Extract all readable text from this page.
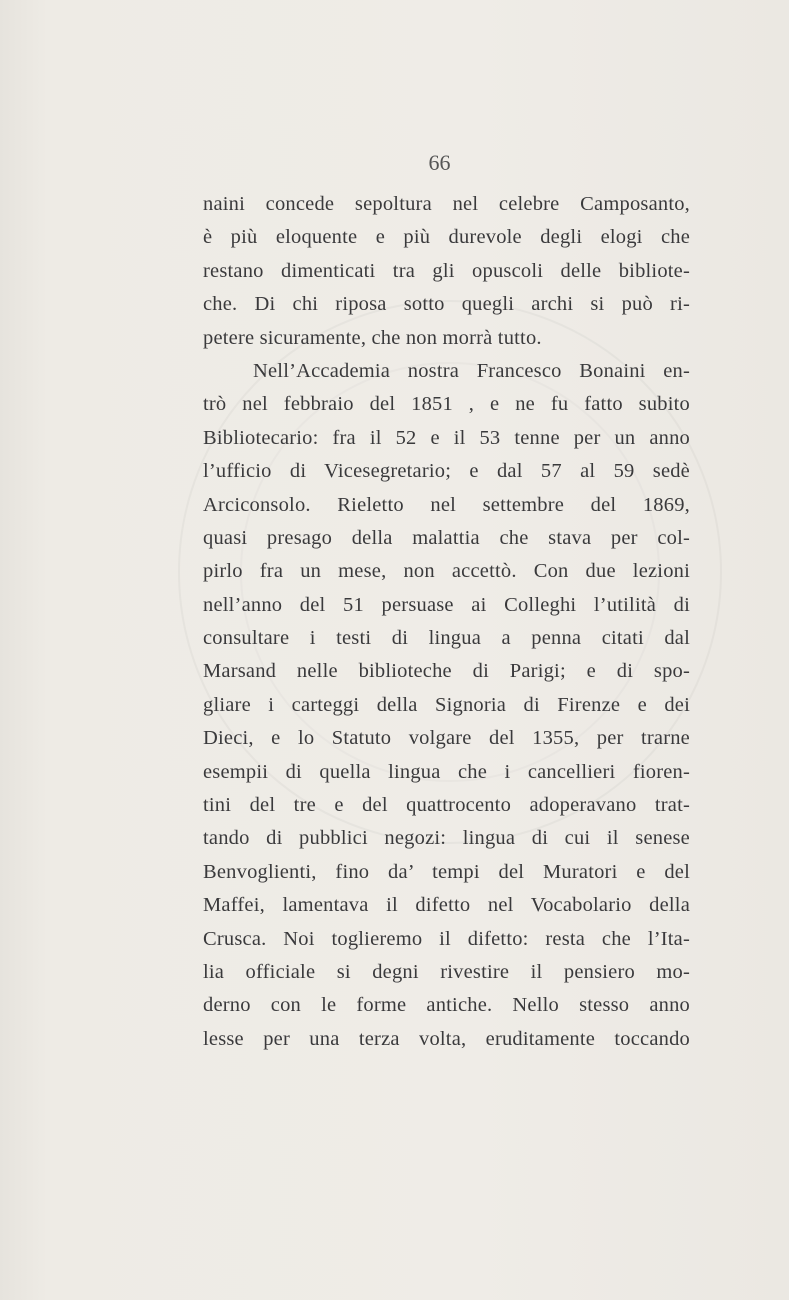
66
naini concede sepoltura nel celebre Camposanto,
è più eloquente e più durevole degli elogi che
restano dimenticati tra gli opuscoli delle bibliote-
che. Di chi riposa sotto quegli archi si può ri-
petere sicuramente, che non morrà tutto.
Nell’Accademia nostra Francesco Bonaini en-
trò nel febbraio del 1851 , e ne fu fatto subito
Bibliotecario: fra il 52 e il 53 tenne per un anno
l’ufficio di Vicesegretario; e dal 57 al 59 sedè
Arciconsolo. Rieletto nel settembre del 1869,
quasi presago della malattia che stava per col-
pirlo fra un mese, non accettò. Con due lezioni
nell’anno del 51 persuase ai Colleghi l’utilità di
consultare i testi di lingua a penna citati dal
Marsand nelle biblioteche di Parigi; e di spo-
gliare i carteggi della Signoria di Firenze e dei
Dieci, e lo Statuto volgare del 1355, per trarne
esempii di quella lingua che i cancellieri fioren-
tini del tre e del quattrocento adoperavano trat-
tando di pubblici negozi: lingua di cui il senese
Benvoglienti, fino da’ tempi del Muratori e del
Maffei, lamentava il difetto nel Vocabolario della
Crusca. Noi toglieremo il difetto: resta che l’Ita-
lia officiale si degni rivestire il pensiero mo-
derno con le forme antiche. Nello stesso anno
lesse per una terza volta, eruditamente toccando
